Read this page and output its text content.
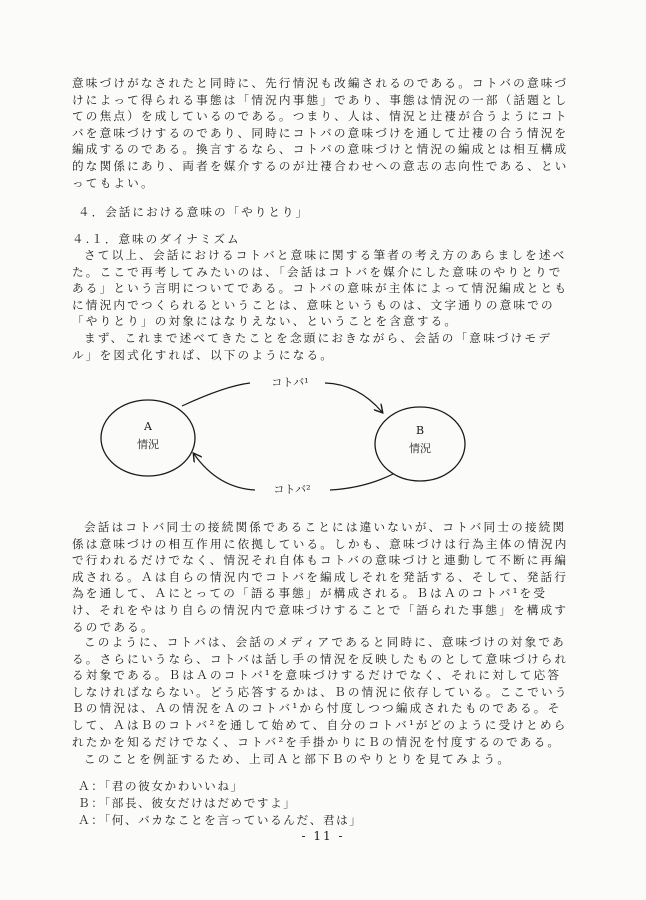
意味づけがなされたと同時に、先行情況も改編されるのである。コトバの意味づけによって得られる事態は「情況内事態」であり、事態は情況の一部（話題としての焦点）を成しているのである。つまり、人は、情況と辻褄が合うようにコトバを意味づけするのであり、同時にコトバの意味づけを通して辻褄の合う情況を編成するのである。換言するなら、コトバの意味づけと情況の編成とは相互構成的な関係にあり、両者を媒介するのが辻褄合わせへの意志の志向性である、といってもよい。

４．会話における意味の「やりとり」

４.１．意味のダイナミズム

さて以上、会話におけるコトバと意味に関する筆者の考え方のあらましを述べた。ここで再考してみたいのは、「会話はコトバを媒介にした意味のやりとりである」という言明についてである。コトバの意味が主体によって情況編成とともに情況内でつくられるということは、意味というものは、文字通りの意味での「やりとり」の対象にはなりえない、ということを含意する。

まず、これまで述べてきたことを念頭におきながら、会話の「意味づけモデル」を図式化すれば、以下のようになる。

A
情況
B
情況
コトバ¹
コトバ²

会話はコトバ同士の接続関係であることには違いないが、コトバ同士の接続関係は意味づけの相互作用に依拠している。しかも、意味づけは行為主体の情況内で行われるだけでなく、情況それ自体もコトバの意味づけと連動して不断に再編成される。Ａは自らの情況内でコトバを編成しそれを発話する、そして、発話行為を通して、Ａにとっての「語る事態」が構成される。ＢはＡのコトバ¹を受け、それをやはり自らの情況内で意味づけすることで「語られた事態」を構成するのである。

このように、コトバは、会話のメディアであると同時に、意味づけの対象である。さらにいうなら、コトバは話し手の情況を反映したものとして意味づけられる対象である。ＢはＡのコトバ¹を意味づけするだけでなく、それに対して応答しなければならない。どう応答するかは、Ｂの情況に依存している。ここでいうＢの情況は、Ａの情況をＡのコトバ¹から忖度しつつ編成されたものである。そして、ＡはＢのコトバ²を通して始めて、自分のコトバ¹がどのように受けとめられたかを知るだけでなく、コトバ²を手掛かりにＢの情況を忖度するのである。

このことを例証するため、上司Ａと部下Ｂのやりとりを見てみよう。

Ａ：「君の彼女かわいいね」

Ｂ：「部長、彼女だけはだめですよ」

Ａ：「何、バカなことを言っているんだ、君は」

- 11 -
